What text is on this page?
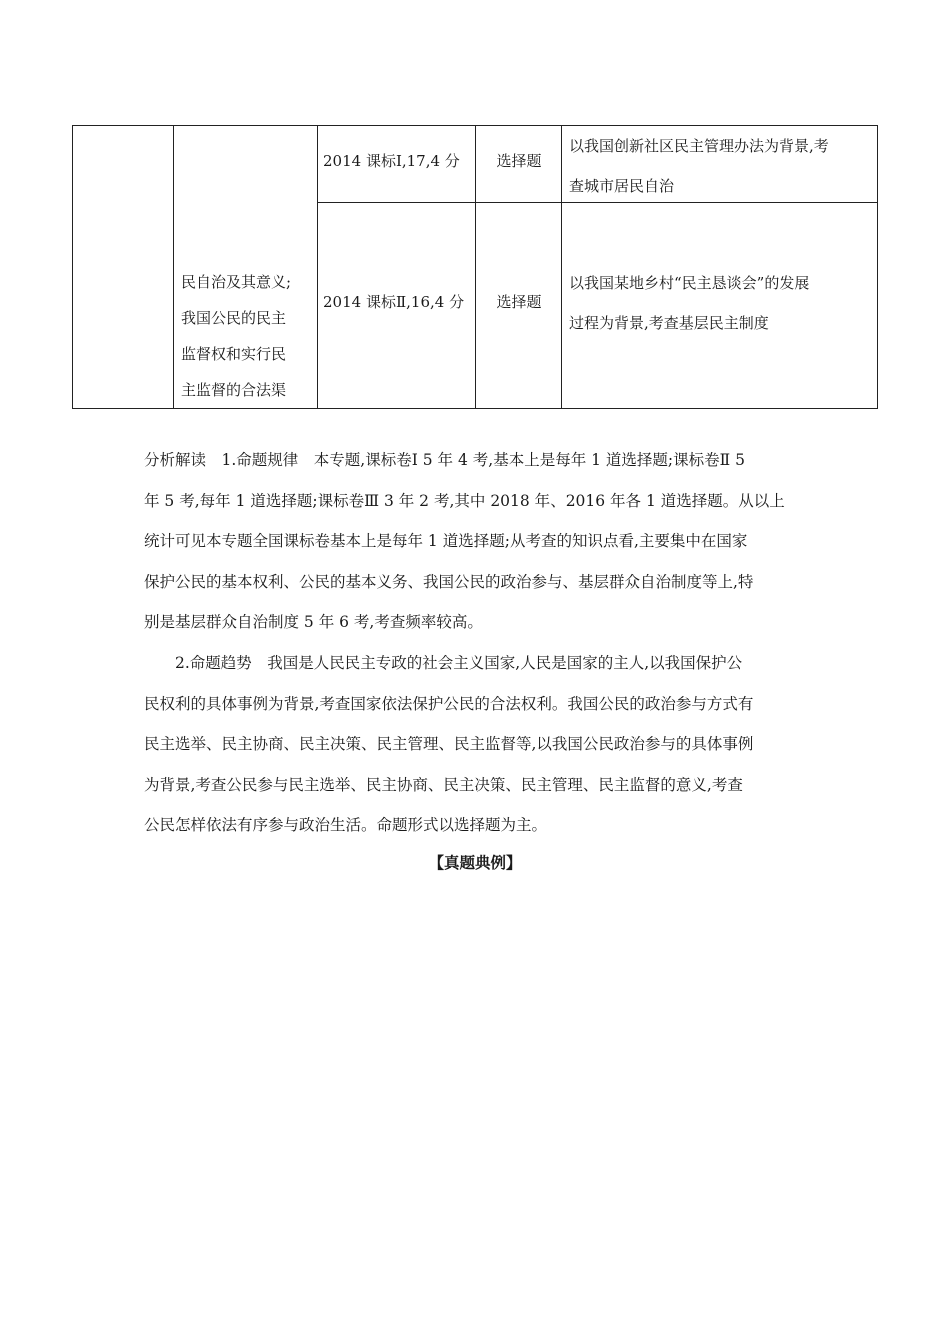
民自治及其意义;
我国公民的民主
监督权和实行民
主监督的合法渠
2014 课标Ⅰ,17,4 分	选择题
以我国创新社区民主管理办法为背景,考
查城市居民自治
2014 课标Ⅱ,16,4 分	选择题
以我国某地乡村“民主恳谈会”的发展
过程为背景,考查基层民主制度
分析解读　1.命题规律　本专题,课标卷Ⅰ 5 年 4 考,基本上是每年 1 道选择题;课标卷Ⅱ 5
年 5 考,每年 1 道选择题;课标卷Ⅲ 3 年 2 考,其中 2018 年、2016 年各 1 道选择题。从以上
统计可见本专题全国课标卷基本上是每年 1 道选择题;从考查的知识点看,主要集中在国家
保护公民的基本权利、公民的基本义务、我国公民的政治参与、基层群众自治制度等上,特
别是基层群众自治制度 5 年 6 考,考查频率较高。
2.命题趋势　我国是人民民主专政的社会主义国家,人民是国家的主人,以我国保护公
民权利的具体事例为背景,考查国家依法保护公民的合法权利。我国公民的政治参与方式有
民主选举、民主协商、民主决策、民主管理、民主监督等,以我国公民政治参与的具体事例
为背景,考查公民参与民主选举、民主协商、民主决策、民主管理、民主监督的意义,考查
公民怎样依法有序参与政治生活。命题形式以选择题为主。
【真题典例】
